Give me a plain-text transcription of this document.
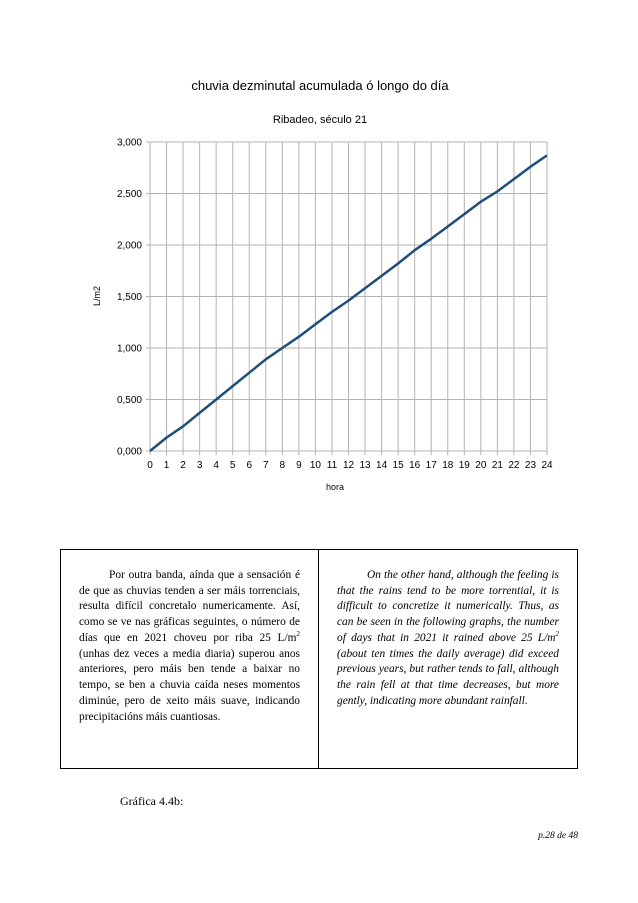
chuvia dezminutal acumulada ó longo do día
Ribadeo, século 21
0,000
0,500
1,000
1,500
2,000
2,500
3,000
0 1 2 3 4 5 6 7 8 9 10 11 12 13 14 15 16 17 18 19 20 21 22 23 24
L/m2
hora

Por outra banda, aínda que a sensación é de que as chuvias tenden a ser máis torrenciais, resulta difícil concretalo numericamente. Así, como se ve nas gráficas seguintes, o número de días que en 2021 choveu por riba 25 $L/m^2$ (unhas dez veces a media diaria) superou anos anteriores, pero máis ben tende a baixar no tempo, se ben a chuvia caída neses momentos diminúe, pero de xeito máis suave, indicando precipitacións máis cuantiosas.

On the other hand, although the feeling is that the rains tend to be more torrential, it is difficult to concretize it numerically. Thus, as can be seen in the following graphs, the number of days that in 2021 it rained above 25 $L/m^2$ (about ten times the daily average) did exceed previous years, but rather tends to fall, although the rain fell at that time decreases, but more gently, indicating more abundant rainfall.

Gráfica 4.4b:
p.28 de 48
